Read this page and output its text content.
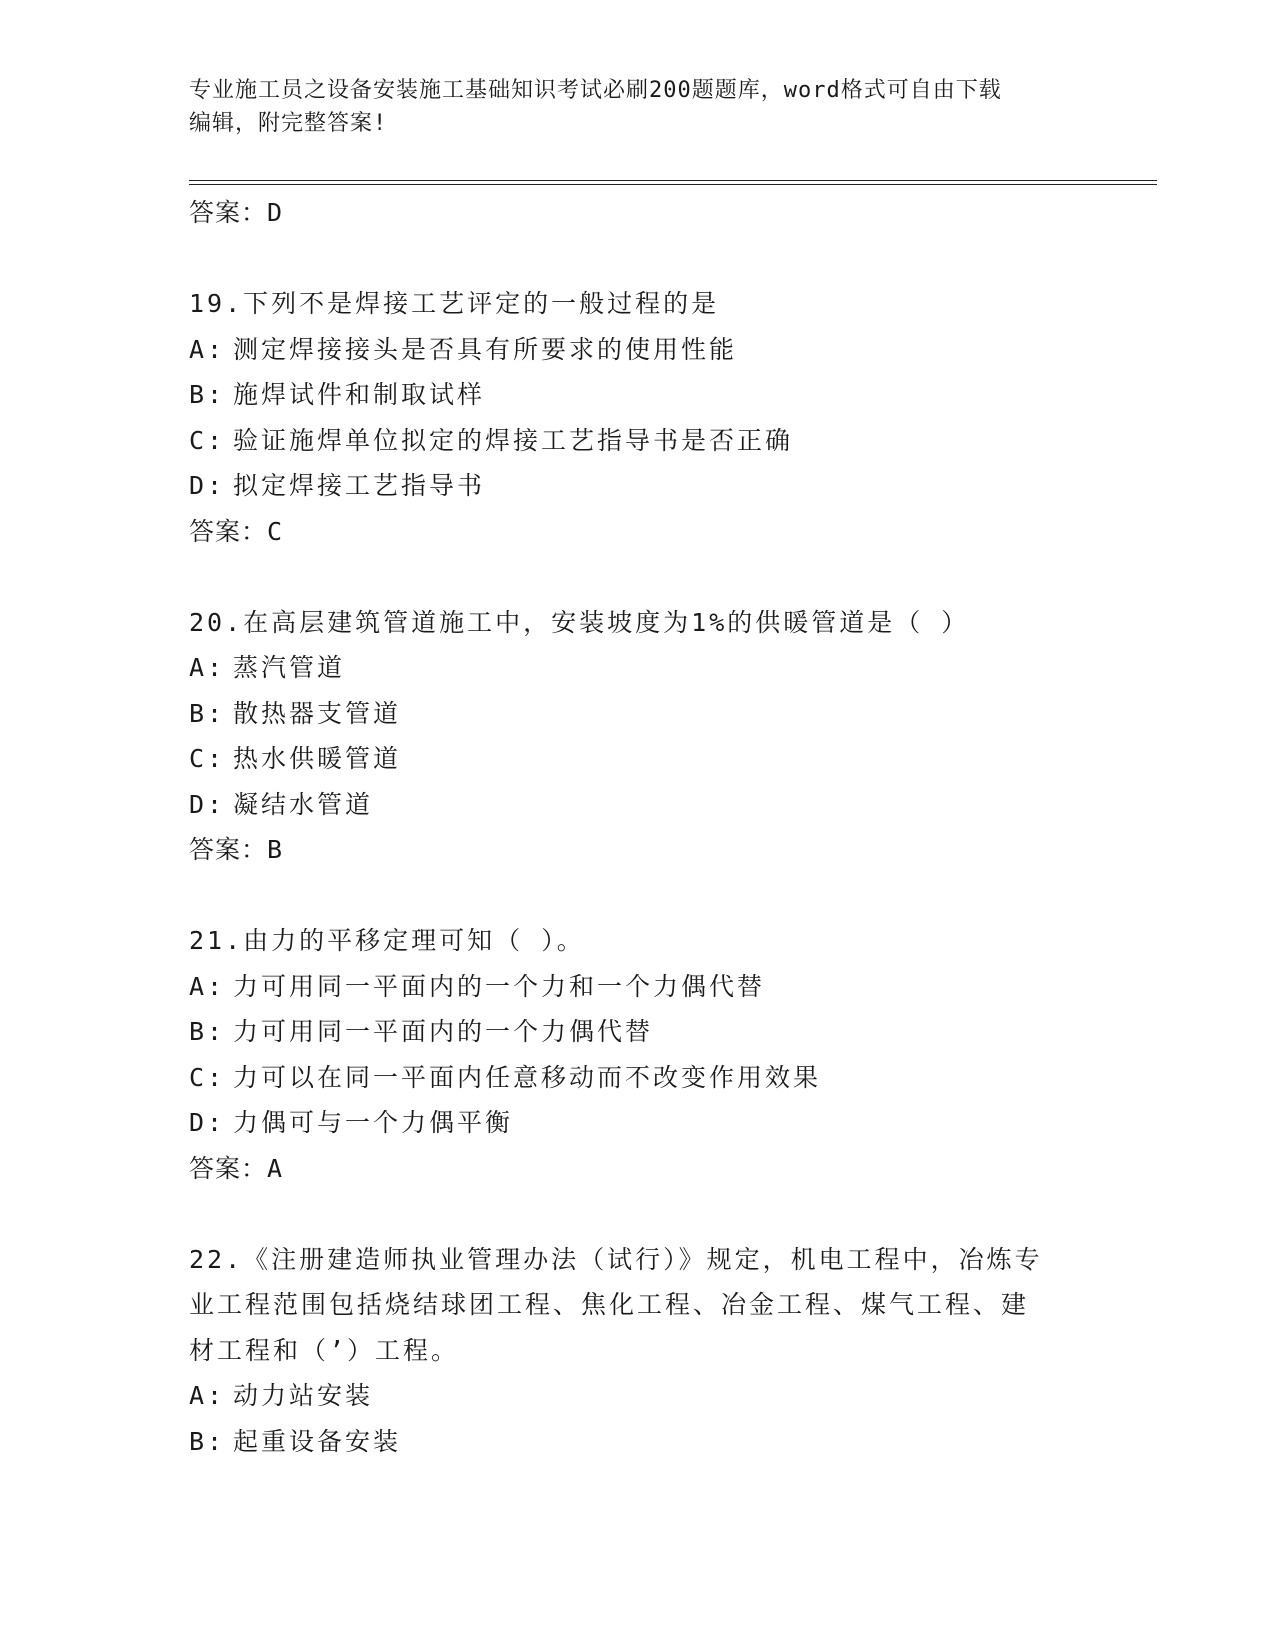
专业施工员之设备安装施工基础知识考试必刷200题题库，word格式可自由下载
编辑，附完整答案!
答案：D
19.下列不是焊接工艺评定的一般过程的是
A: 测定焊接接头是否具有所要求的使用性能
B: 施焊试件和制取试样
C: 验证施焊单位拟定的焊接工艺指导书是否正确
D: 拟定焊接工艺指导书
答案：C
20.在高层建筑管道施工中，安装坡度为1%的供暖管道是（ ）
A: 蒸汽管道
B: 散热器支管道
C: 热水供暖管道
D: 凝结水管道
答案：B
21.由力的平移定理可知（ ）。
A: 力可用同一平面内的一个力和一个力偶代替
B: 力可用同一平面内的一个力偶代替
C: 力可以在同一平面内任意移动而不改变作用效果
D: 力偶可与一个力偶平衡
答案：A
22.《注册建造师执业管理办法（试行）》规定，机电工程中，冶炼专
业工程范围包括烧结球团工程、焦化工程、冶金工程、煤气工程、建
材工程和（’）工程。
A: 动力站安装
B: 起重设备安装
